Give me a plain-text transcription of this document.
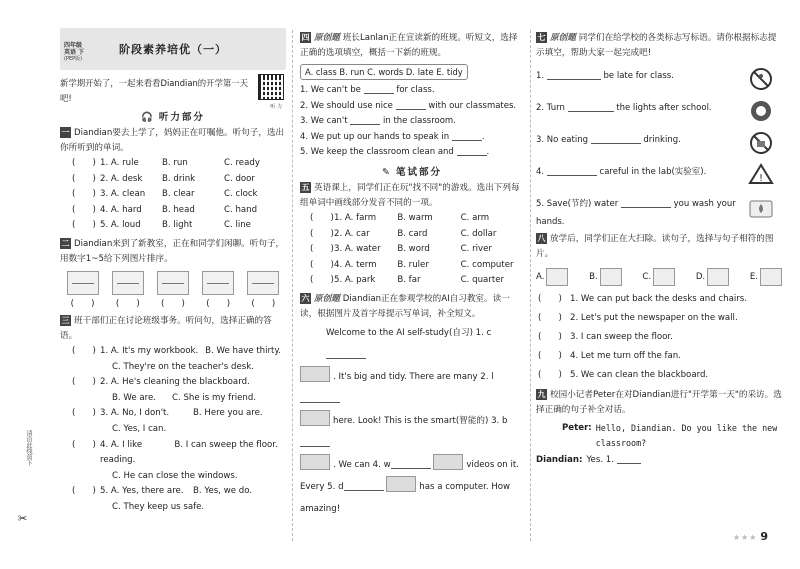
请沿此线剪下
✂
四年级
英语 下
(PEP版)
阶段素养培优（一）
新学期开始了，一起来看看Diandian的开学第一天吧!
听 力
🎧 听力部分
一 Diandian要去上学了，妈妈正在叮嘱他。听句子，选出你所听到的单词。
(　　) 1. A. rule	B. run	C. ready
(　　) 2. A. desk	B. drink	C. door
(　　) 3. A. clean	B. clear	C. clock
(　　) 4. A. hard	B. head	C. hand
(　　) 5. A. loud	B. light	C. line
二 Diandian来到了新教室，正在和同学们闲聊。听句子，用数字1~5给下列图片排序。
(　　) (　　) (　　) (　　) (　　)
三 班干部们正在讨论班级事务。听问句，选择正确的答语。
(　　) 1. A. It's my workbook. B. We have thirty.
C. They're on the teacher's desk.
(　　) 2. A. He's cleaning the blackboard.
B. We are. C. She is my friend.
(　　) 3. A. No, I don't.	B. Here you are.
C. Yes, I can.
(　　) 4. A. I like reading.
B. I can sweep the floor.
C. He can close the windows.
(　　) 5. A. Yes, there are.	B. Yes, we do.
C. They keep us safe.
四 原创题 班长Lanlan正在宣读新的班规。听短文，选择正确的选项填空，概括一下新的班规。
A. class B. run C. words D. late E. tidy
1. We can't be	for class.
2. We should use nice	with our classmates.
3. We can't	in the classroom.
4. We put up our hands to speak in	.
5. We keep the classroom clean and	.
✎ 笔试部分
五 英语课上，同学们正在玩"找不同"的游戏。选出下列每组单词中画线部分发音不同的一项。
(　　) 1. A. farm	B. warm	C. arm
(　　) 2. A. car	B. card	C. dollar
(　　) 3. A. water	B. word	C. river
(　　) 4. A. term	B. ruler	C. computer
(　　) 5. A. park	B. far	C. quarter
六 原创题 Diandian正在参观学校的AI自习教室。读一读，根据图片及首字母提示写单词，补全短文。
Welcome to the AI self-study(自习) 1. c
. It's big and tidy. There are many 2. l
here. Look! This is the smart(智能的) 3. b
. We can 4. w	videos on it.
Every 5. d	has a computer. How
amazing!
七 原创题 同学们在给学校的各类标志写标语。请你根据标志提示填空，帮助大家一起完成吧!
1.	be late for class.
2. Turn	the lights after school.
3. No eating	drinking.
4.	careful in the lab(实验室).
5. Save(节约) water	you wash your hands.
!
八 放学后，同学们正在大扫除。读句子，选择与句子相符的图片。
A.	B.	C.	D.	E.
(　　) 1. We can put back the desks and chairs.
(　　) 2. Let's put the newspaper on the wall.
(　　) 3. I can sweep the floor.
(　　) 4. Let me turn off the fan.
(　　) 5. We can clean the blackboard.
九 校园小记者Peter在对Diandian进行"开学第一天"的采访。选择正确的句子补全对话。
Peter: Hello, Diandian. Do you like the new classroom?
Diandian: Yes. 1.
★★★ 9
